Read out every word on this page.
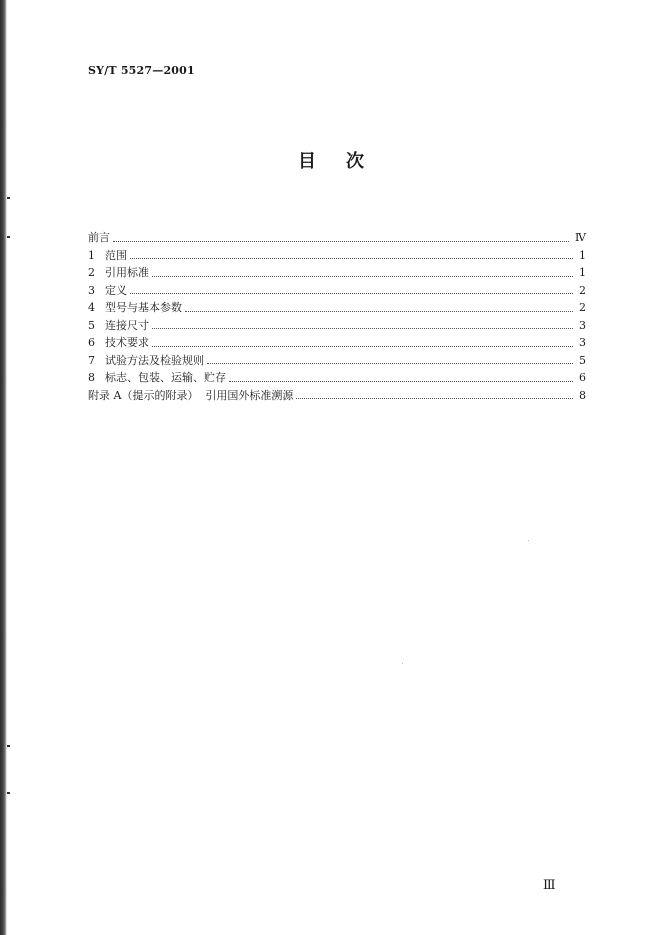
SY/T 5527—2001
目 次
前言	Ⅳ
1 范围	1
2 引用标准	1
3 定义	2
4 型号与基本参数	2
5 连接尺寸	3
6 技术要求	3
7 试验方法及检验规则	5
8 标志、包装、运输、贮存	6
附录 A（提示的附录）  引用国外标准溯源	8
Ⅲ
